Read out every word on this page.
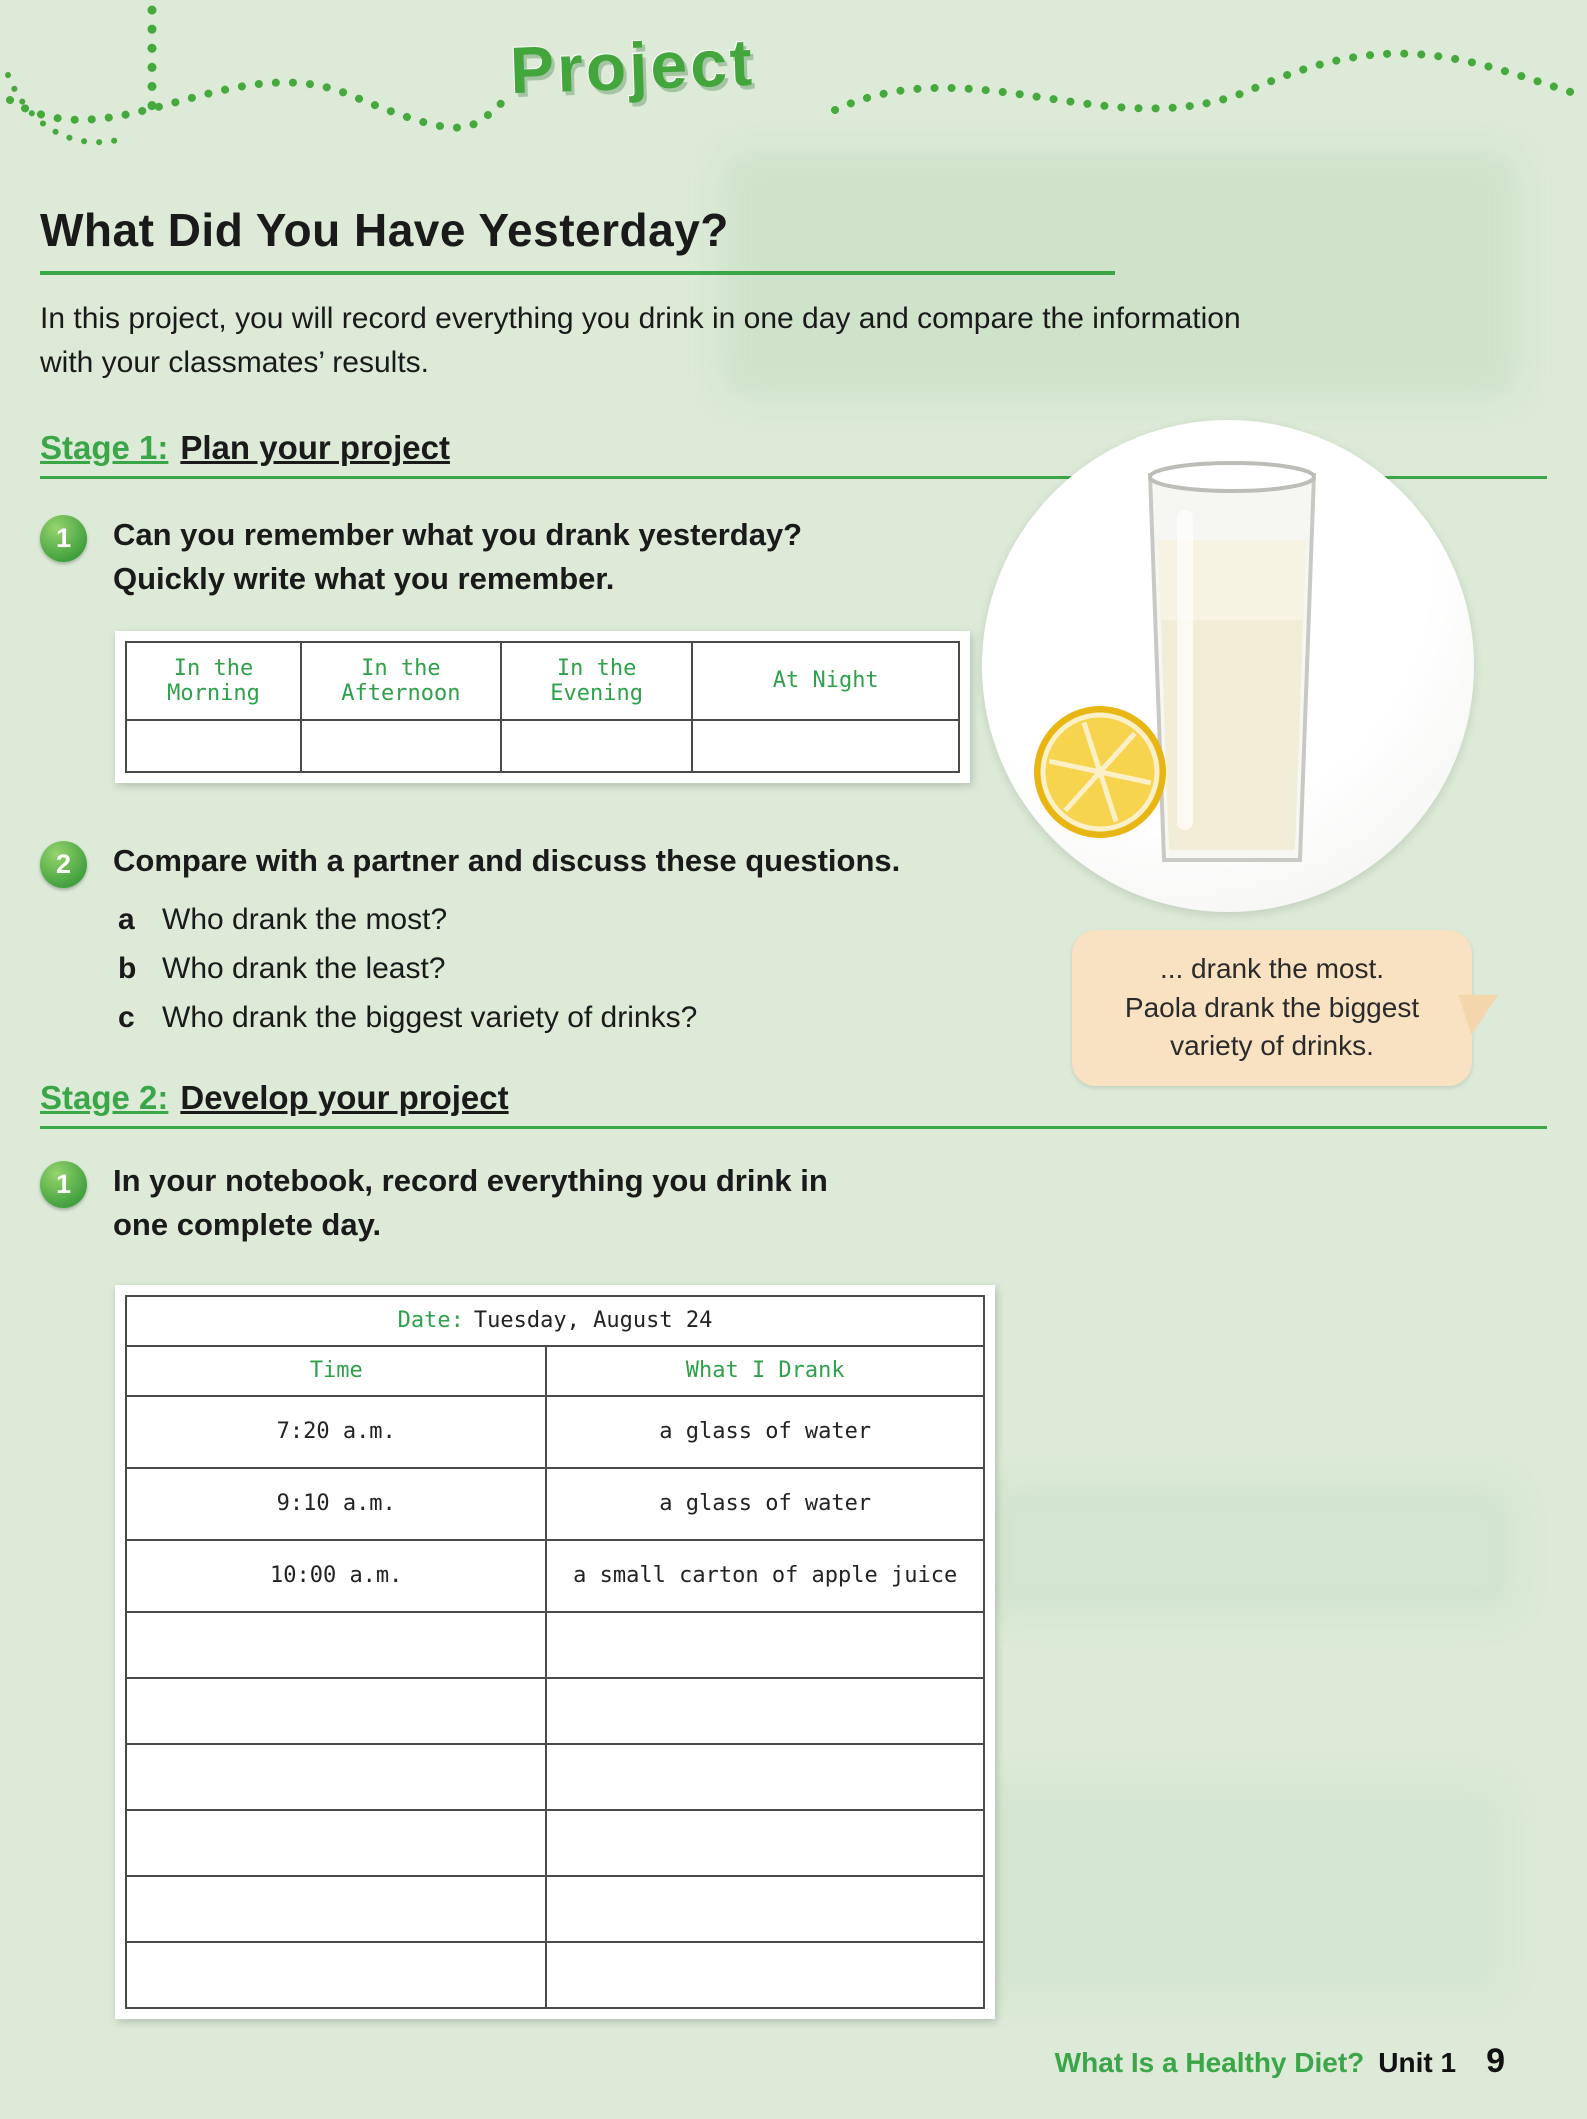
Project
What Did You Have Yesterday?

In this project, you will record everything you drink in one day and compare the information
with your classmates’ results.

Stage 1: Plan your project
1	Can you remember what you drank yesterday?
Quickly write what you remember.
In the Morning	In the Afternoon	In the Evening	At Night

2	Compare with a partner and discuss these questions.
a Who drank the most?
b Who drank the least?
c Who drank the biggest variety of drinks?
Stage 2: Develop your project
1	In your notebook, record everything you drink in
one complete day.
Date: Tuesday, August 24	
Time	What I Drank
7:20 a.m.	a glass of water
9:10 a.m.	a glass of water
10:00 a.m.	a small carton of apple juice

... drank the most.
Paola drank the biggest
variety of drinks.
What Is a Healthy Diet? Unit 1 9
